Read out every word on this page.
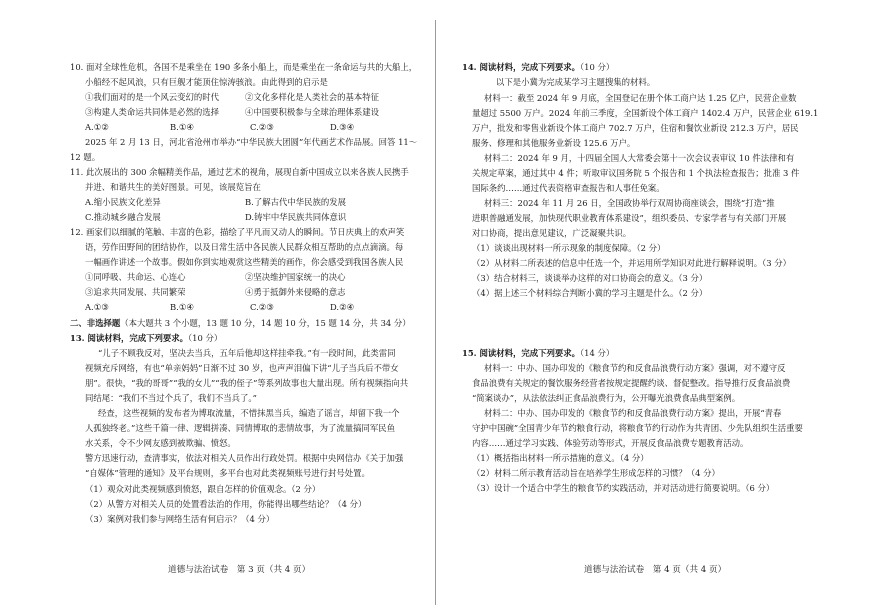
10. 面对全球性危机，各国不是乘坐在 190 多条小船上，而是乘坐在一条命运与共的大船上，
小船经不起风浪，只有巨舰才能顶住惊涛骇浪。由此得到的启示是
①我们面对的是一个风云变幻的时代	②文化多样化是人类社会的基本特征
③构建人类命运共同体是必然的选择	④中国要积极参与全球治理体系建设
A.①②	B.①④	C.②③	D.③④
2025 年 2 月 13 日，河北省沧州市举办“中华民族大团圆”年代画艺术作品展。回答 11～
12 题。
11. 此次展出的 300 余幅精美作品，通过艺术的视角，展现自新中国成立以来各族人民携手
并进、和谐共生的美好图景。可见，该展览旨在
A.缩小民族文化差异	B.了解古代中华民族的发展
C.推动城乡融合发展	D.铸牢中华民族共同体意识
12. 画家们以细腻的笔触、丰富的色彩，描绘了平凡而又动人的瞬间。节日庆典上的欢声笑
语，劳作田野间的团结协作，以及日常生活中各民族人民群众相互帮助的点点滴滴。每
一幅画作讲述一个故事。假如你到实地观赏这些精美的画作，你会感受到我国各族人民
①同呼吸、共命运、心连心	②坚决维护国家统一的决心
③追求共同发展、共同繁荣	④勇于抵御外来侵略的意志
A.①③	B.①④	C.②③	D.②④
二、非选择题（本大题共 3 个小题，13 题 10 分，14 题 10 分，15 题 14 分，共 34 分）
13. 阅读材料，完成下列要求。（10 分）
“儿子不顾我反对，坚决去当兵，五年后他却这样挂牵我。”有一段时间，此类雷同
视频充斥网络，有也“单亲妈妈”日渐不过 30 岁，也声声泪偏下讲“儿子当兵后不带女
朋”。很快，“我的哥哥”“我的女儿”“我的侄子”等系列故事也大量出现。所有视频指向共
同结尾：“我们不当过个兵了，我们不当兵了。”
经查，这些视频的发布者为博取流量，不惜抹黑当兵，编造了谣言，却留下我一个
人孤独终老。”这些千篇一律、逻辑拼凑、同情博取的悲情故事，为了流量搞同军民鱼
水关系，令不少网友感到被欺骗、愤怒。
警方迅速行动，查清事实，依法对相关人员作出行政处罚。根据中央网信办《关于加强
“自媒体”管理的通知》及平台规则，多平台也对此类视频账号进行封号处置。
（1）观众对此类视频感到愤怒，跟自怎样的价值观念。（2 分）
（2）从警方对相关人员的处置看法治的作用，你能得出哪些结论？（4 分）
（3）案例对我们参与网络生活有何启示？（4 分）
道德与法治试卷　第 3 页（共 4 页）
14. 阅读材料，完成下列要求。（10 分）
以下是小冀为完成某学习主题搜集的材料。
材料一：截至 2024 年 9 月底，全国登记在册个体工商户达 1.25 亿户，民营企业数
量超过 5500 万户。2024 年前三季度，全国新设个体工商户 1402.4 万户，民营企业 619.1
万户，批发和零售业新设个体工商户 702.7 万户，住宿和餐饮业新设 212.3 万户，居民
服务、修理和其他服务业新设 125.6 万户。
材料二：2024 年 9 月，十四届全国人大常委会第十一次会议表审议 10 件法律和有
关规定草案，通过其中 4 件；听取审议国务院 5 个报告和 1 个执法检查报告；批准 3 件
国际条约……通过代表资格审查报告和人事任免案。
材料三：2024 年 11 月 26 日，全国政协举行双周协商座谈会，围绕“打造”推
进职普融通发展，加快现代职业教育体系建设”，组织委员、专家学者与有关部门开展
对口协商，提出意见建议，广泛凝聚共识。
（1）谈谈出现材料一所示现象的制度保障。（2 分）
（2）从材料二所表述的信息中任选一个，并运用所学知识对此进行解释说明。（3 分）
（3）结合材料三，谈谈举办这样的对口协商会的意义。（3 分）
（4）据上述三个材料综合判断小冀的学习主题是什么。（2 分）
15. 阅读材料，完成下列要求。（14 分）
材料一：中办、国办印发的《粮食节约和反食品浪费行动方案》强调，对不遵守反
食品浪费有关规定的餐饮服务经营者按规定提醒约谈、督促整改。指导推行反食品浪费
“简案谈办”，从法依法纠正食品浪费行为，公开曝光浪费食品典型案例。
材料二：中办、国办印发的《粮食节约和反食品浪费行动方案》提出，开展“青春
守护中国碗”全国青少年节约粮食行动，将粮食节约行动作为共青团、少先队组织生活重要
内容……通过学习实践、体验劳动等形式，开展反食品浪费专题教育活动。
（1）概括指出材料一所示措施的意义。（4 分）
（2）材料二所示教育活动旨在培养学生形成怎样的习惯？（4 分）
（3）设计一个适合中学生的粮食节约实践活动，并对活动进行简要说明。（6 分）
道德与法治试卷　第 4 页（共 4 页）
